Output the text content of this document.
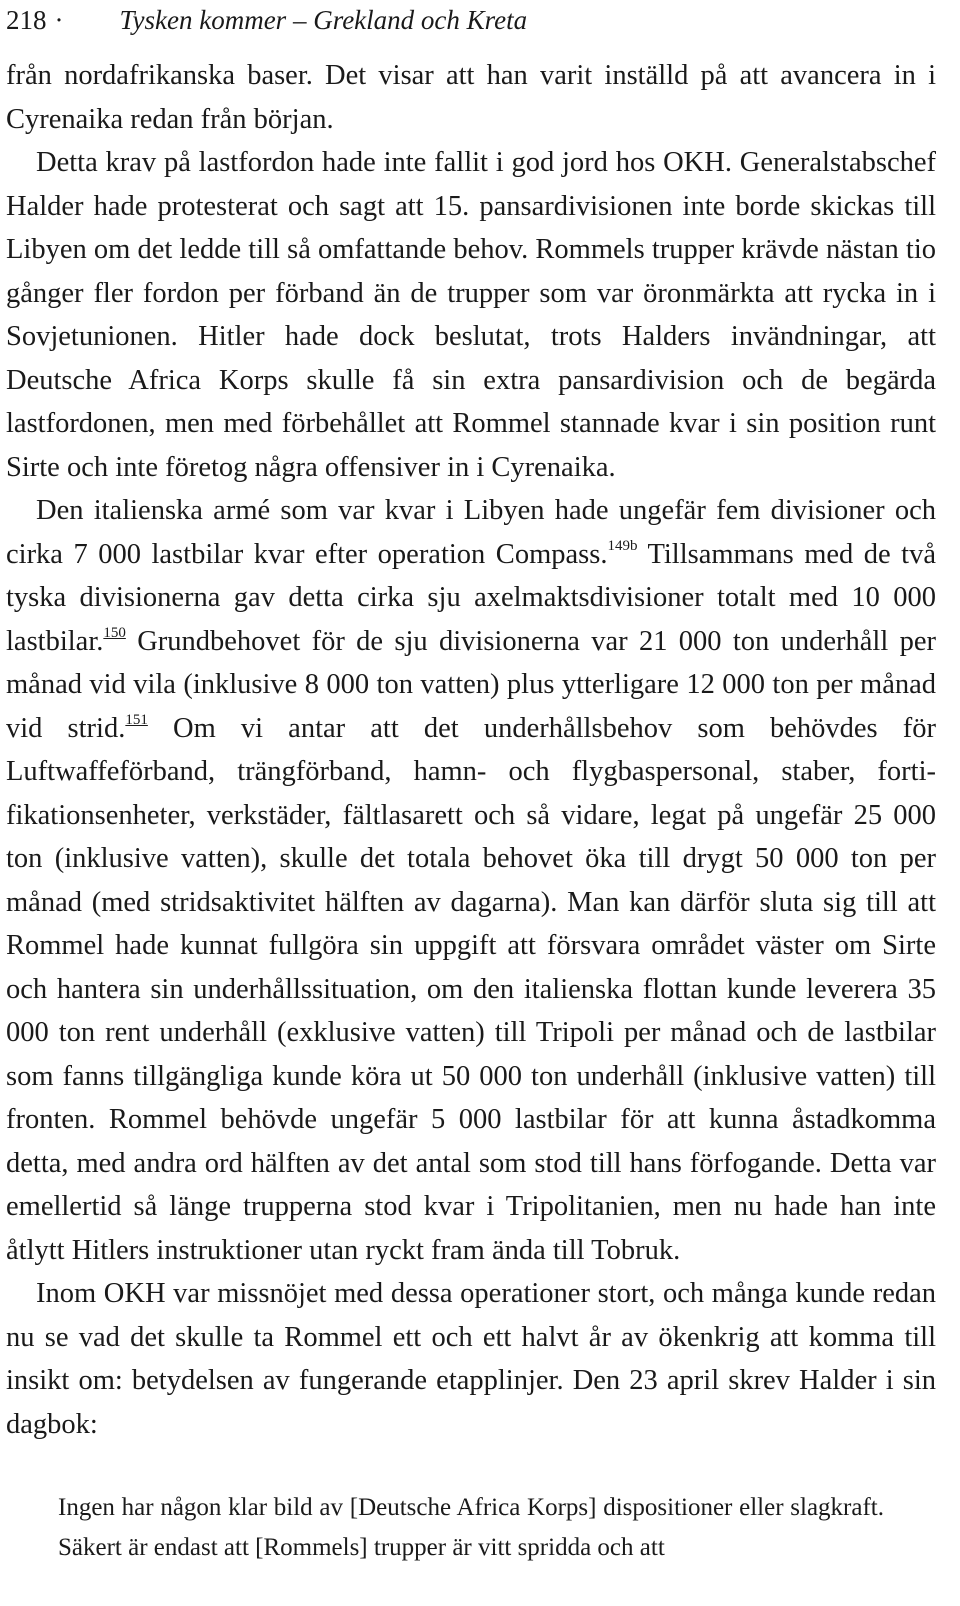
218 · Tysken kommer – Grekland och Kreta

från nordafrikanska baser. Det visar att han varit inställd på att avancera in i Cyrenaika redan från början.

Detta krav på lastfordon hade inte fallit i god jord hos OKH. Generalstabschef Halder hade protesterat och sagt att 15. pansardivisionen inte borde skickas till Libyen om det ledde till så omfattande behov. Rommels trupper krävde nästan tio gånger fler fordon per förband än de trupper som var öronmärkta att rycka in i Sovjetunionen. Hitler hade dock beslutat, trots Halders invändningar, att Deutsche Africa Korps skulle få sin extra pansardivision och de begärda lastfordonen, men med förbehållet att Rommel stannade kvar i sin position runt Sirte och inte företog några offensiver in i Cyrenaika.

Den italienska armé som var kvar i Libyen hade ungefär fem divisioner och cirka 7 000 lastbilar kvar efter operation Compass.$^{149b}$ Tillsammans med de två tyska divisionerna gav detta cirka sju axelmaktsdivisioner totalt med 10 000 lastbilar.$^{150}$ Grundbehovet för de sju divisionerna var 21 000 ton underhåll per månad vid vila (inklusive 8 000 ton vatten) plus ytterligare 12 000 ton per månad vid strid.$^{151}$ Om vi antar att det underhållsbehov som behövdes för Luftwaffeförband, trängförband, hamn- och flygbaspersonal, staber, fortifikationsenheter, verkstäder, fältlasarett och så vidare, legat på ungefär 25 000 ton (inklusive vatten), skulle det totala behovet öka till drygt 50 000 ton per månad (med stridsaktivitet hälften av dagarna). Man kan därför sluta sig till att Rommel hade kunnat fullgöra sin uppgift att försvara området väster om Sirte och hantera sin underhållssituation, om den italienska flottan kunde leverera 35 000 ton rent underhåll (exklusive vatten) till Tripoli per månad och de lastbilar som fanns tillgängliga kunde köra ut 50 000 ton underhåll (inklusive vatten) till fronten. Rommel behövde ungefär 5 000 lastbilar för att kunna åstadkomma detta, med andra ord hälften av det antal som stod till hans förfogande. Detta var emellertid så länge trupperna stod kvar i Tripolitanien, men nu hade han inte åtlytt Hitlers instruktioner utan ryckt fram ända till Tobruk.

Inom OKH var missnöjet med dessa operationer stort, och många kunde redan nu se vad det skulle ta Rommel ett och ett halvt år av ökenkrig att komma till insikt om: betydelsen av fungerande etapplinjer. Den 23 april skrev Halder i sin dagbok:

Ingen har någon klar bild av [Deutsche Africa Korps] dispositioner eller slagkraft. Säkert är endast att [Rommels] trupper är vitt spridda och att
